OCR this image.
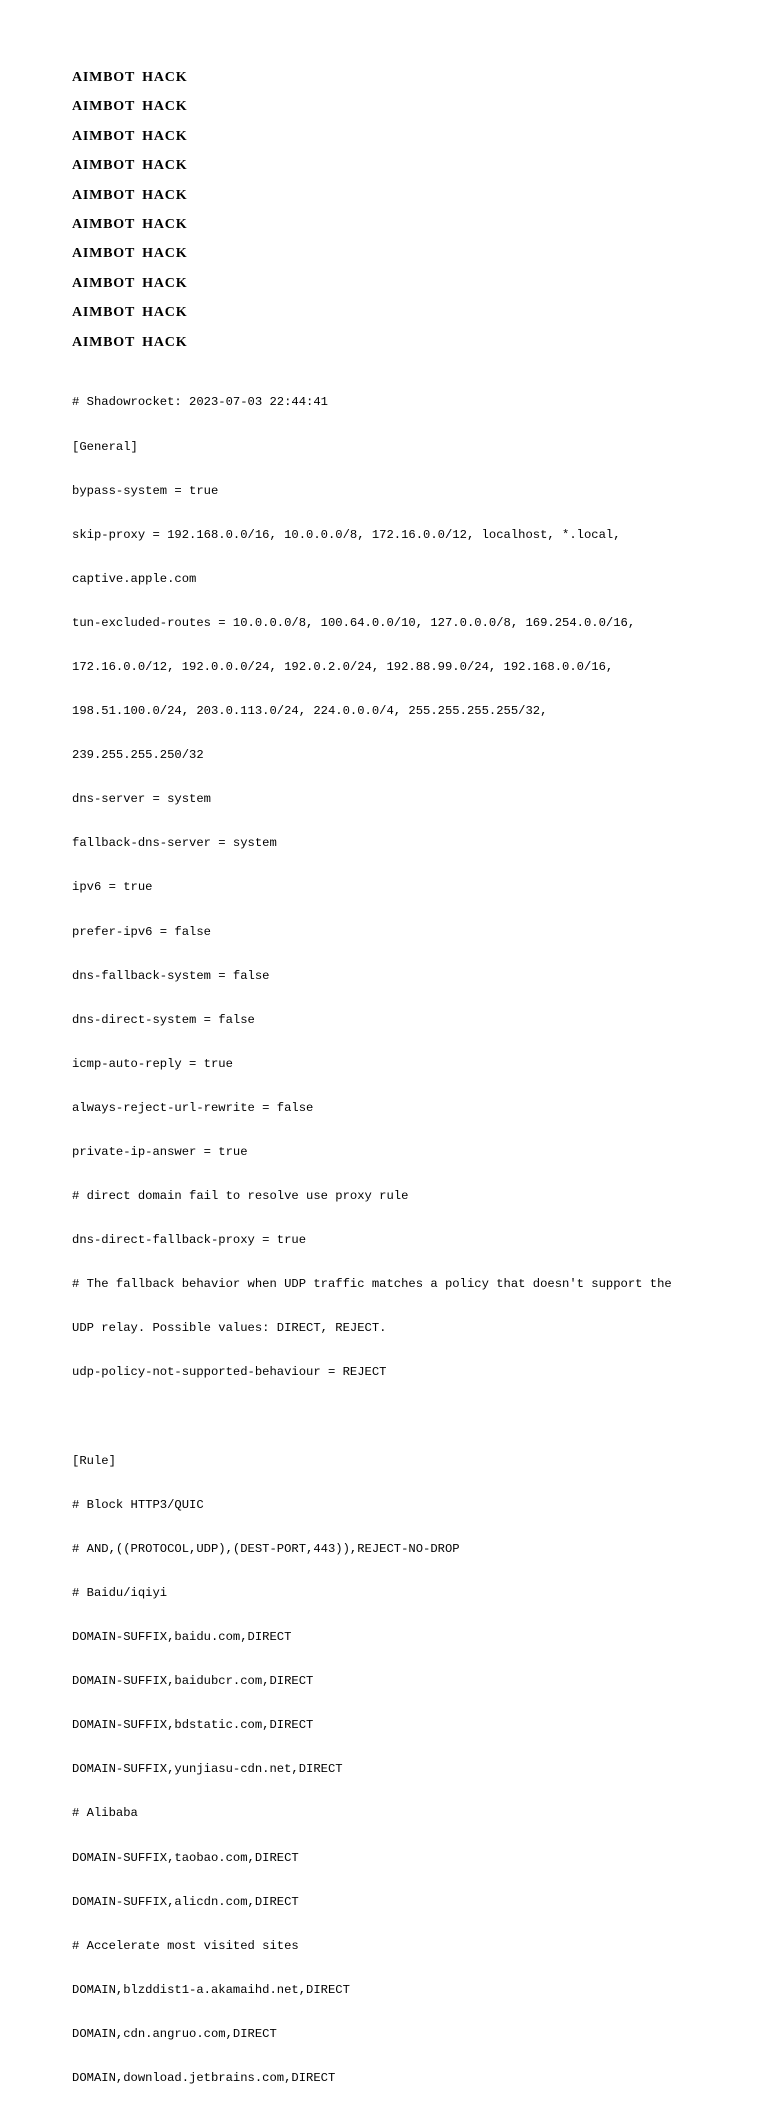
AIMBOT HACK
AIMBOT HACK
AIMBOT HACK
AIMBOT HACK
AIMBOT HACK
AIMBOT HACK
AIMBOT HACK
AIMBOT HACK
AIMBOT HACK
AIMBOT HACK

# Shadowrocket: 2023-07-03 22:44:41

[General]

bypass-system = true

skip-proxy = 192.168.0.0/16, 10.0.0.0/8, 172.16.0.0/12, localhost, *.local,

captive.apple.com

tun-excluded-routes = 10.0.0.0/8, 100.64.0.0/10, 127.0.0.0/8, 169.254.0.0/16,

172.16.0.0/12, 192.0.0.0/24, 192.0.2.0/24, 192.88.99.0/24, 192.168.0.0/16,

198.51.100.0/24, 203.0.113.0/24, 224.0.0.0/4, 255.255.255.255/32,

239.255.255.250/32

dns-server = system

fallback-dns-server = system

ipv6 = true

prefer-ipv6 = false

dns-fallback-system = false

dns-direct-system = false

icmp-auto-reply = true

always-reject-url-rewrite = false

private-ip-answer = true

# direct domain fail to resolve use proxy rule

dns-direct-fallback-proxy = true

# The fallback behavior when UDP traffic matches a policy that doesn't support the

UDP relay. Possible values: DIRECT, REJECT.

udp-policy-not-supported-behaviour = REJECT

[Rule]

# Block HTTP3/QUIC

# AND,((PROTOCOL,UDP),(DEST-PORT,443)),REJECT-NO-DROP

# Baidu/iqiyi

DOMAIN-SUFFIX,baidu.com,DIRECT

DOMAIN-SUFFIX,baidubcr.com,DIRECT

DOMAIN-SUFFIX,bdstatic.com,DIRECT

DOMAIN-SUFFIX,yunjiasu-cdn.net,DIRECT

# Alibaba

DOMAIN-SUFFIX,taobao.com,DIRECT

DOMAIN-SUFFIX,alicdn.com,DIRECT

# Accelerate most visited sites

DOMAIN,blzddist1-a.akamaihd.net,DIRECT

DOMAIN,cdn.angruo.com,DIRECT

DOMAIN,download.jetbrains.com,DIRECT
